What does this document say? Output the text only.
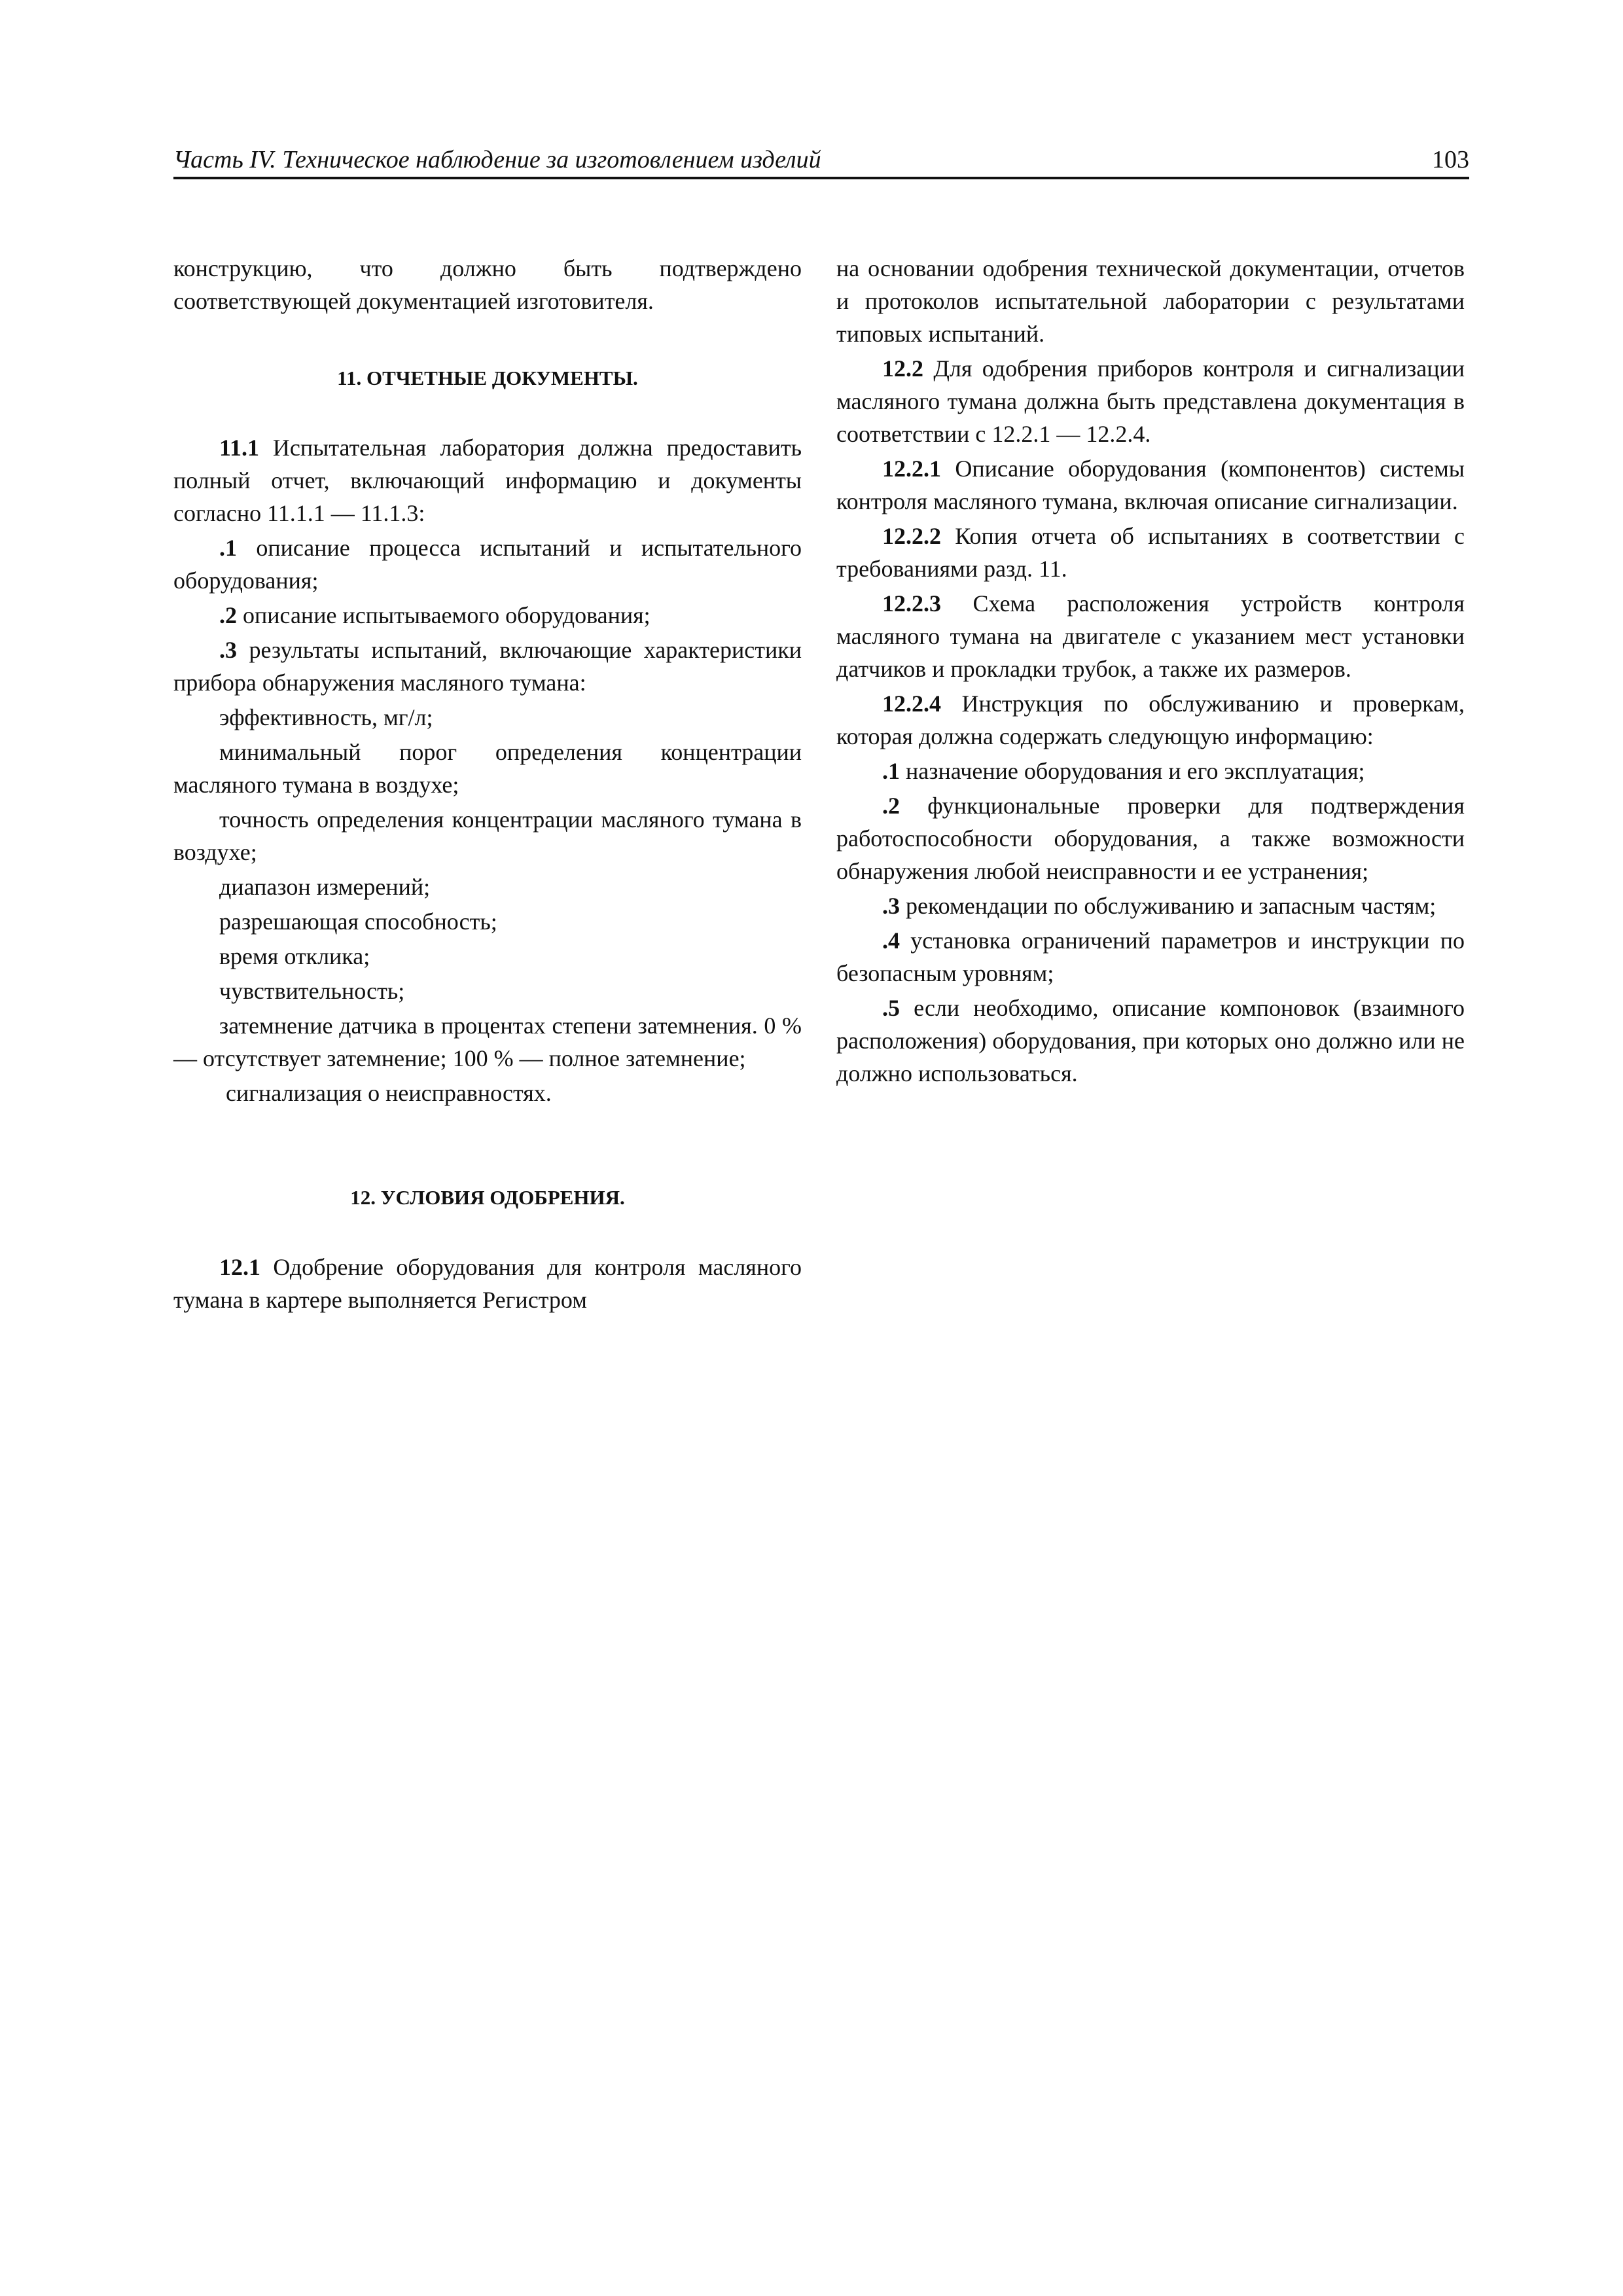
Часть IV. Техническое наблюдение за изготовлением изделий	103

конструкцию, что должно быть подтверждено соответствующей документацией изготовителя.

11. ОТЧЕТНЫЕ ДОКУМЕНТЫ.

11.1 Испытательная лаборатория должна предоставить полный отчет, включающий информацию и документы согласно 11.1.1 — 11.1.3:

.1 описание процесса испытаний и испытательного оборудования;

.2 описание испытываемого оборудования;

.3 результаты испытаний, включающие характеристики прибора обнаружения масляного тумана:

эффективность, мг/л;

минимальный порог определения концентрации масляного тумана в воздухе;

точность определения концентрации масляного тумана в воздухе;

диапазон измерений;

разрешающая способность;

время отклика;

чувствительность;

затемнение датчика в процентах степени затемнения. 0 % — отсутствует затемнение; 100 % — полное затемнение;

сигнализация о неисправностях.

12. УСЛОВИЯ ОДОБРЕНИЯ.

12.1 Одобрение оборудования для контроля масляного тумана в картере выполняется Регистром

на основании одобрения технической документации, отчетов и протоколов испытательной лаборатории с результатами типовых испытаний.

12.2 Для одобрения приборов контроля и сигнализации масляного тумана должна быть представлена документация в соответствии с 12.2.1 — 12.2.4.

12.2.1 Описание оборудования (компонентов) системы контроля масляного тумана, включая описание сигнализации.

12.2.2 Копия отчета об испытаниях в соответствии с требованиями разд. 11.

12.2.3 Схема расположения устройств контроля масляного тумана на двигателе с указанием мест установки датчиков и прокладки трубок, а также их размеров.

12.2.4 Инструкция по обслуживанию и проверкам, которая должна содержать следующую информацию:

.1 назначение оборудования и его эксплуатация;

.2 функциональные проверки для подтверждения работоспособности оборудования, а также возможности обнаружения любой неисправности и ее устранения;

.3 рекомендации по обслуживанию и запасным частям;

.4 установка ограничений параметров и инструкции по безопасным уровням;

.5 если необходимо, описание компоновок (взаимного расположения) оборудования, при которых оно должно или не должно использоваться.
